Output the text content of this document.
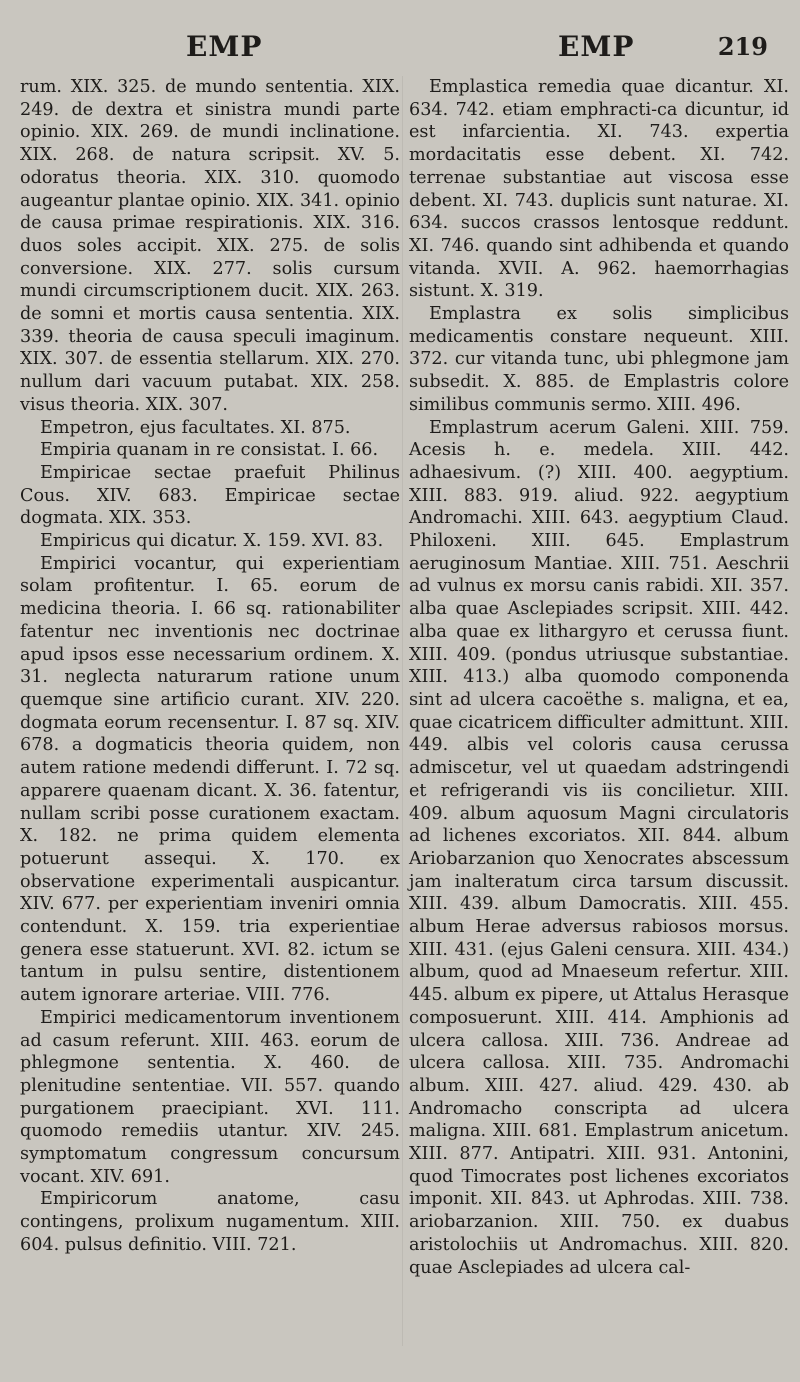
EMP	EMP	219

rum. XIX. 325. de mundo sententia. XIX. 249. de dextra et sinistra mundi parte opinio. XIX. 269. de mundi inclinatione. XIX. 268. de natura scripsit. XV. 5. odoratus theoria. XIX. 310. quomodo augeantur plantae opinio. XIX. 341. opinio de causa primae respirationis. XIX. 316. duos soles accipit. XIX. 275. de solis conversione. XIX. 277. solis cursum mundi circumscriptionem ducit. XIX. 263. de somni et mortis causa sententia. XIX. 339. theoria de causa speculi imaginum. XIX. 307. de essentia stellarum. XIX. 270. nullum dari vacuum putabat. XIX. 258. visus theoria. XIX. 307.

Empetron, ejus facultates. XI. 875.

Empiria quanam in re consistat. I. 66.

Empiricae sectae praefuit Philinus Cous. XIV. 683. Empiricae sectae dogmata. XIX. 353.

Empiricus qui dicatur. X. 159. XVI. 83.

Empirici vocantur, qui experientiam solam profitentur. I. 65. eorum de medicina theoria. I. 66 sq. rationabiliter fatentur nec inventionis nec doctrinae apud ipsos esse necessarium ordinem. X. 31. neglecta naturarum ratione unum quemque sine artificio curant. XIV. 220. dogmata eorum recensentur. I. 87 sq. XIV. 678. a dogmaticis theoria quidem, non autem ratione medendi differunt. I. 72 sq. apparere quaenam dicant. X. 36. fatentur, nullam scribi posse curationem exactam. X. 182. ne prima quidem elementa potuerunt assequi. X. 170. ex observatione experimentali auspicantur. XIV. 677. per experientiam inveniri omnia contendunt. X. 159. tria experientiae genera esse statuerunt. XVI. 82. ictum se tantum in pulsu sentire, distentionem autem ignorare arteriae. VIII. 776.

Empirici medicamentorum inventionem ad casum referunt. XIII. 463. eorum de phlegmone sententia. X. 460. de plenitudine sententiae. VII. 557. quando purgationem praecipiant. XVI. 111. quomodo remediis utantur. XIV. 245. symptomatum congressum concursum vocant. XIV. 691.

Empiricorum anatome, casu contingens, prolixum nugamentum. XIII. 604. pulsus definitio. VIII. 721.

Emplastica remedia quae dicantur. XI. 634. 742. etiam emphracti-ca dicuntur, id est infarcientia. XI. 743. expertia mordacitatis esse debent. XI. 742. terrenae substantiae aut viscosa esse debent. XI. 743. duplicis sunt naturae. XI. 634. succos crassos lentosque reddunt. XI. 746. quando sint adhibenda et quando vitanda. XVII. A. 962. haemorrhagias sistunt. X. 319.

Emplastra ex solis simplicibus medicamentis constare nequeunt. XIII. 372. cur vitanda tunc, ubi phlegmone jam subsedit. X. 885. de Emplastris colore similibus communis sermo. XIII. 496.

Emplastrum acerum Galeni. XIII. 759. Acesis h. e. medela. XIII. 442. adhaesivum. (?) XIII. 400. aegyptium. XIII. 883. 919. aliud. 922. aegyptium Andromachi. XIII. 643. aegyptium Claud. Philoxeni. XIII. 645. Emplastrum aeruginosum Mantiae. XIII. 751. Aeschrii ad vulnus ex morsu canis rabidi. XII. 357. alba quae Asclepiades scripsit. XIII. 442. alba quae ex lithargyro et cerussa fiunt. XIII. 409. (pondus utriusque substantiae. XIII. 413.) alba quomodo componenda sint ad ulcera cacoëthe s. maligna, et ea, quae cicatricem difficulter admittunt. XIII. 449. albis vel coloris causa cerussa admiscetur, vel ut quaedam adstringendi et refrigerandi vis iis concilietur. XIII. 409. album aquosum Magni circulatoris ad lichenes excoriatos. XII. 844. album Ariobarzanion quo Xenocrates abscessum jam inalteratum circa tarsum discussit. XIII. 439. album Damocratis. XIII. 455. album Herae adversus rabiosos morsus. XIII. 431. (ejus Galeni censura. XIII. 434.) album, quod ad Mnaeseum refertur. XIII. 445. album ex pipere, ut Attalus Herasque composuerunt. XIII. 414. Amphionis ad ulcera callosa. XIII. 736. Andreae ad ulcera callosa. XIII. 735. Andromachi album. XIII. 427. aliud. 429. 430. ab Andromacho conscripta ad ulcera maligna. XIII. 681. Emplastrum anicetum. XIII. 877. Antipatri. XIII. 931. Antonini, quod Timocrates post lichenes excoriatos imponit. XII. 843. ut Aphrodas. XIII. 738. ariobarzanion. XIII. 750. ex duabus aristolochiis ut Andromachus. XIII. 820. quae Asclepiades ad ulcera cal-
